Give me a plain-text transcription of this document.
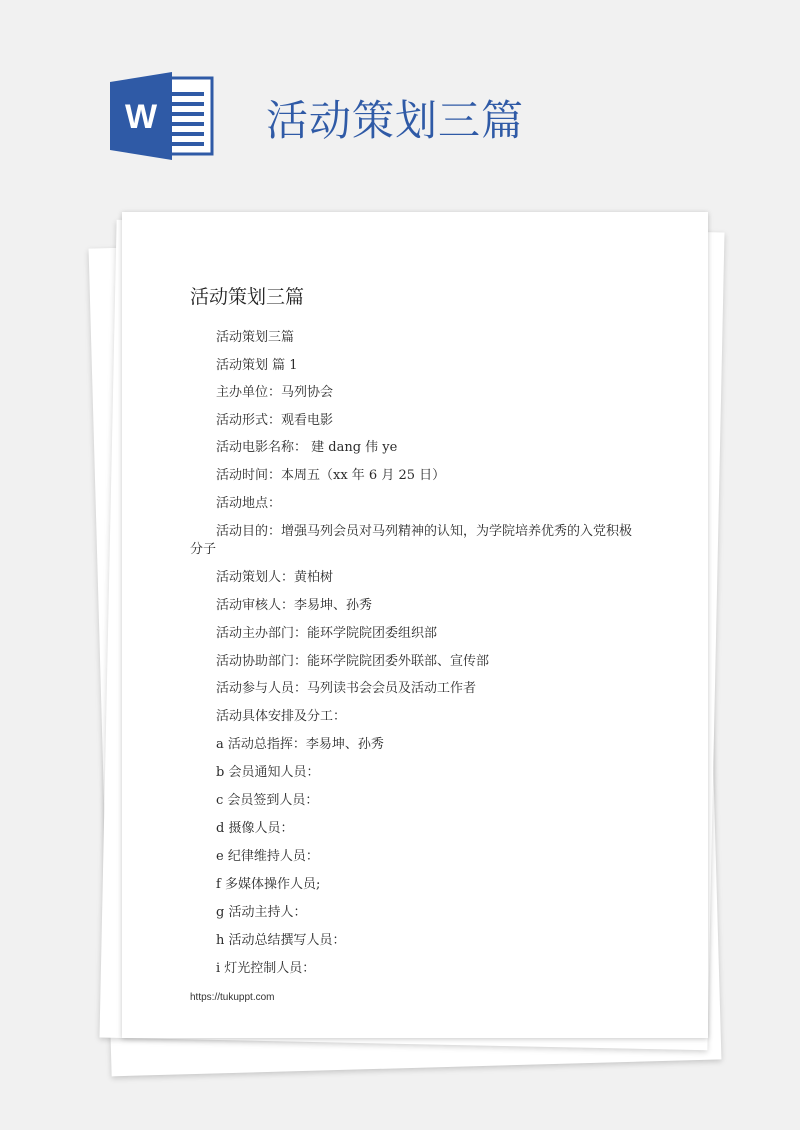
W	活动策划三篇
活动策划三篇
活动策划三篇
活动策划 篇 1
主办单位：马列协会
活动形式：观看电影
活动电影名称： 建 dang 伟 ye
活动时间：本周五（xx 年 6 月 25 日）
活动地点：
活动目的：增强马列会员对马列精神的认知，为学院培养优秀的入党积极
分子
活动策划人：黄柏树
活动审核人：李易坤、孙秀
活动主办部门：能环学院院团委组织部
活动协助部门：能环学院院团委外联部、宣传部
活动参与人员：马列读书会会员及活动工作者
活动具体安排及分工：
a 活动总指挥：李易坤、孙秀
b 会员通知人员：
c 会员签到人员：
d 摄像人员：
e 纪律维持人员：
f 多媒体操作人员;
g 活动主持人：
h 活动总结撰写人员：
i 灯光控制人员：
https://tukuppt.com
